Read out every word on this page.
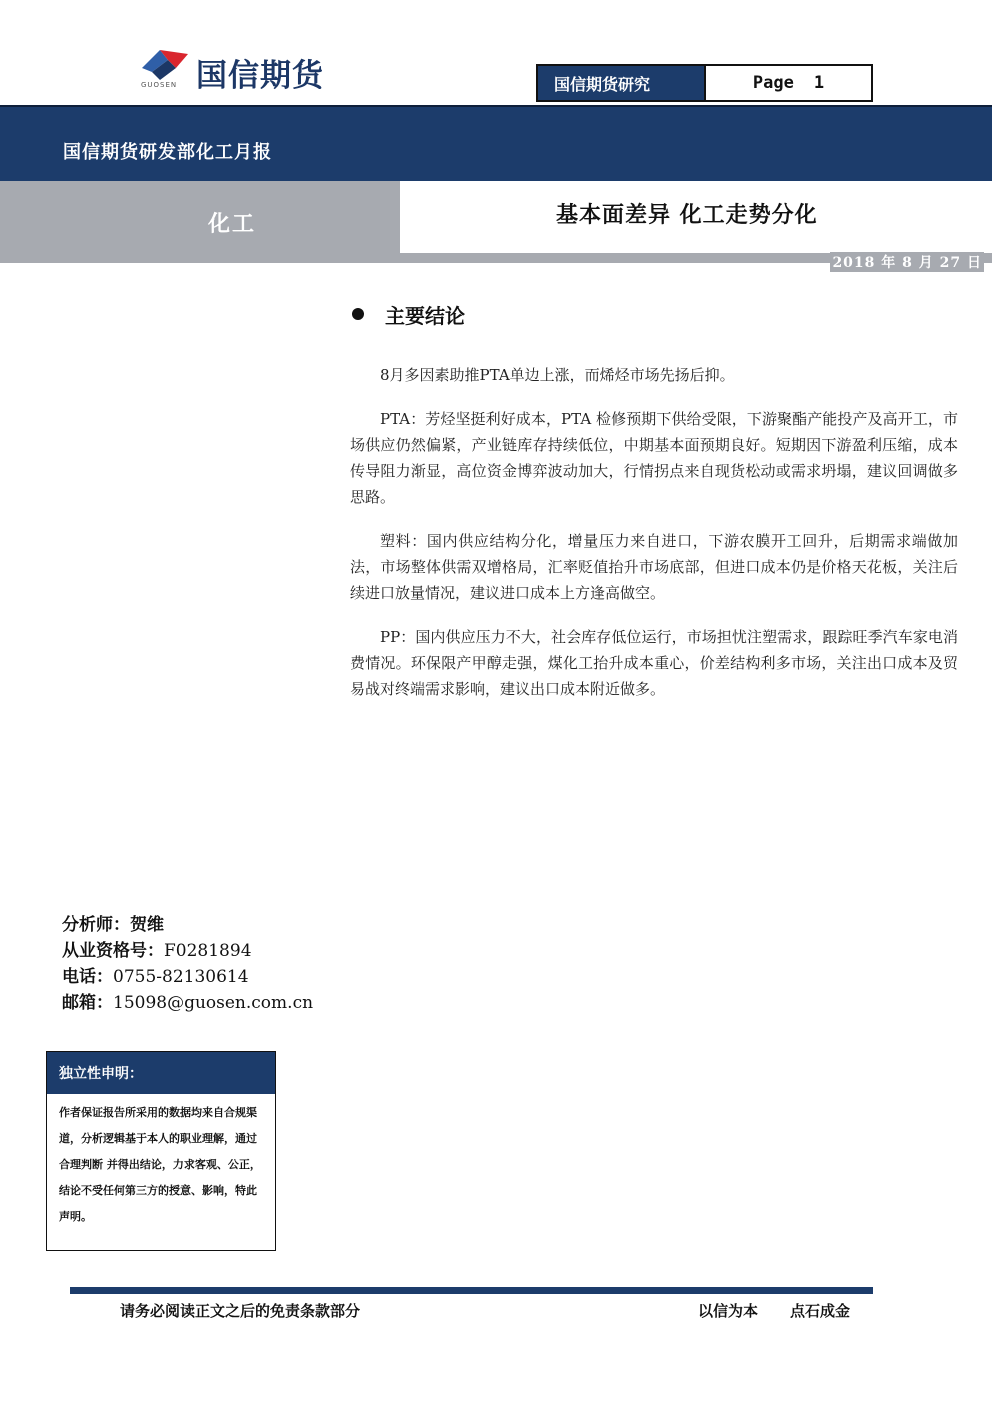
国信期货
GUOSEN	国信期货研究	Page 1
国信期货研发部化工月报
化工	基本面差异 化工走势分化
2018 年 8 月 27 日
主要结论

8月多因素助推PTA单边上涨，而烯烃市场先扬后抑。

PTA：芳烃坚挺利好成本，PTA 检修预期下供给受限，下游聚酯产能投产及高开工，市场供应仍然偏紧，产业链库存持续低位，中期基本面预期良好。短期因下游盈利压缩，成本传导阻力渐显，高位资金博弈波动加大，行情拐点来自现货松动或需求坍塌，建议回调做多思路。

塑料：国内供应结构分化，增量压力来自进口，下游农膜开工回升，后期需求端做加法，市场整体供需双增格局，汇率贬值抬升市场底部，但进口成本仍是价格天花板，关注后续进口放量情况，建议进口成本上方逢高做空。

PP：国内供应压力不大，社会库存低位运行，市场担忧注塑需求，跟踪旺季汽车家电消费情况。环保限产甲醇走强，煤化工抬升成本重心，价差结构利多市场，关注出口成本及贸易战对终端需求影响，建议出口成本附近做多。

分析师：贺维
从业资格号：F0281894
电话：0755-82130614
邮箱：15098@guosen.com.cn
独立性申明：
作者保证报告所采用的数据均来自合规渠道，分析逻辑基于本人的职业理解，通过合理判断 并得出结论，力求客观、公正，结论不受任何第三方的授意、影响，特此声明。
请务必阅读正文之后的免责条款部分	以信为本 点石成金
